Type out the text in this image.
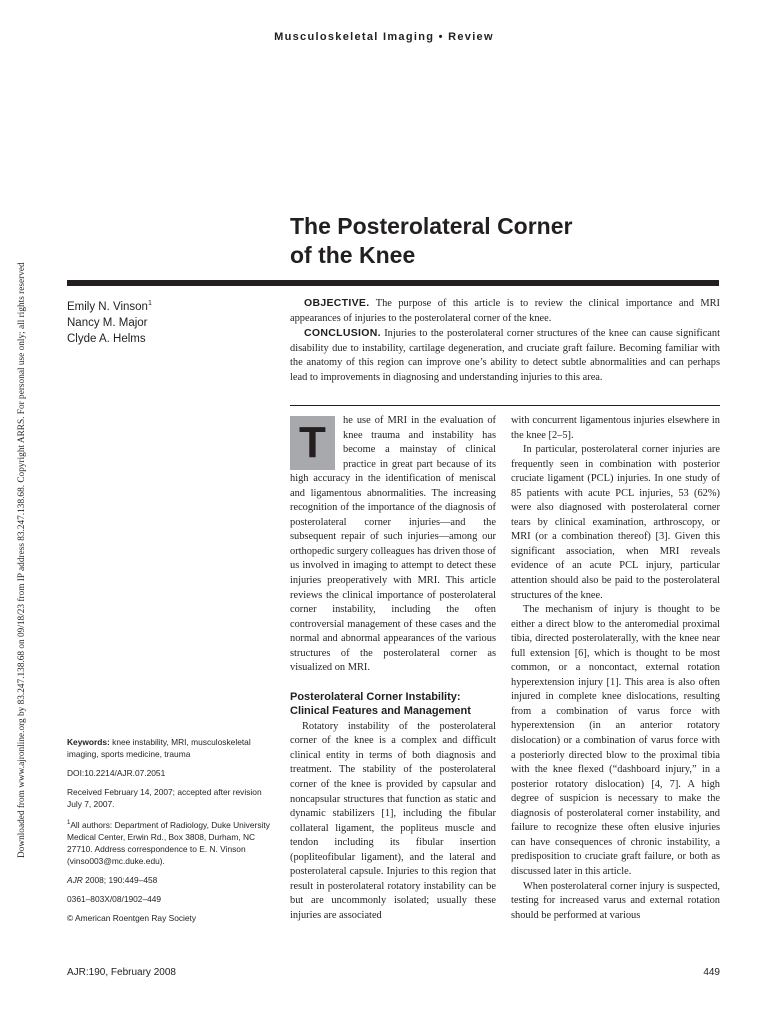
Musculoskeletal Imaging • Review
Downloaded from www.ajronline.org by 83.247.138.68 on 09/18/23 from IP address 83.247.138.68. Copyright ARRS. For personal use only; all rights reserved
The Posterolateral Corner
of the Knee
Emily N. Vinson$^1$
Nancy M. Major
Clyde A. Helms

OBJECTIVE. The purpose of this article is to review the clinical importance and MRI appearances of injuries to the posterolateral corner of the knee.

CONCLUSION. Injuries to the posterolateral corner structures of the knee can cause significant disability due to instability, cartilage degeneration, and cruciate graft failure. Becoming familiar with the anatomy of this region can improve one’s ability to detect subtle abnormalities and can perhaps lead to improvements in diagnosing and understanding injuries to this area.

T	he use of MRI in the evaluation of knee trauma and instability has become a mainstay of clinical practice in great part because of its high accuracy in the identification of meniscal and ligamentous abnormalities. The increasing recognition of the importance of the diagnosis of posterolateral corner injuries—and the subsequent repair of such injuries—among our orthopedic surgery colleagues has driven those of us involved in imaging to attempt to detect these injuries preoperatively with MRI. This article reviews the clinical importance of posterolateral corner instability, including the often controversial management of these cases and the normal and abnormal appearances of the various structures of the posterolateral corner as visualized on MRI.

Posterolateral Corner Instability:
Clinical Features and Management

Rotatory instability of the posterolateral corner of the knee is a complex and difficult clinical entity in terms of both diagnosis and treatment. The stability of the posterolateral corner of the knee is provided by capsular and noncapsular structures that function as static and dynamic stabilizers [1], including the fibular collateral ligament, the popliteus muscle and tendon including its fibular insertion (popliteofibular ligament), and the lateral and posterolateral capsule. Injuries to this region that result in posterolateral rotatory instability can be but are uncommonly isolated; usually these injuries are associated

with concurrent ligamentous injuries elsewhere in the knee [2–5].

In particular, posterolateral corner injuries are frequently seen in combination with posterior cruciate ligament (PCL) injuries. In one study of 85 patients with acute PCL injuries, 53 (62%) were also diagnosed with posterolateral corner tears by clinical examination, arthroscopy, or MRI (or a combination thereof) [3]. Given this significant association, when MRI reveals evidence of an acute PCL injury, particular attention should also be paid to the posterolateral structures of the knee.

The mechanism of injury is thought to be either a direct blow to the anteromedial proximal tibia, directed posterolaterally, with the knee near full extension [6], which is thought to be most common, or a noncontact, external rotation hyperextension injury [1]. This area is also often injured in complete knee dislocations, resulting from a combination of varus force with hyperextension (in an anterior rotatory dislocation) or a combination of varus force with a posteriorly directed blow to the proximal tibia with the knee flexed (“dashboard injury,” in a posterior rotatory dislocation) [4, 7]. A high degree of suspicion is necessary to make the diagnosis of posterolateral corner instability, and failure to recognize these often elusive injuries can have consequences of chronic instability, a predisposition to cruciate graft failure, or both as discussed later in this article.

When posterolateral corner injury is suspected, testing for increased varus and external rotation should be performed at various

Keywords: knee instability, MRI, musculoskeletal imaging, sports medicine, trauma

DOI:10.2214/AJR.07.2051

Received February 14, 2007; accepted after revision July 7, 2007.

$^1$All authors: Department of Radiology, Duke University Medical Center, Erwin Rd., Box 3808, Durham, NC 27710. Address correspondence to E. N. Vinson (vinso003@mc.duke.edu).

AJR 2008; 190:449–458

0361–803X/08/1902–449

© American Roentgen Ray Society

AJR:190, February 2008	449
